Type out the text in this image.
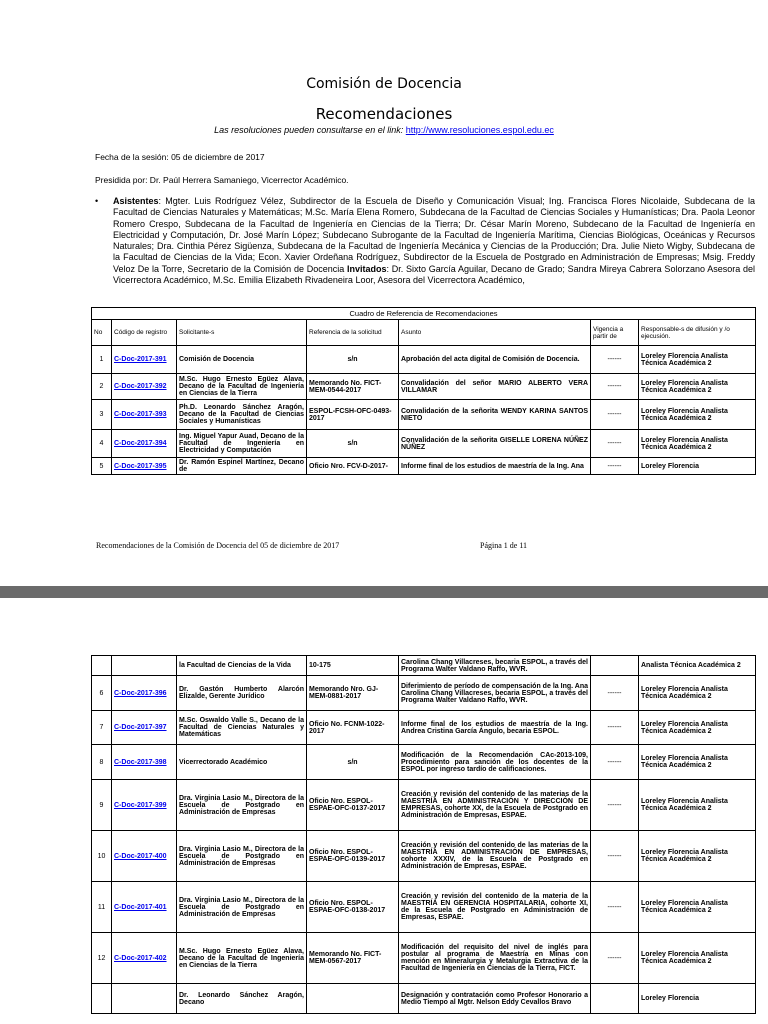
Comisión de Docencia
Recomendaciones
Las resoluciones pueden consultarse en el link: http://www.resoluciones.espol.edu.ec
Fecha de la sesión: 05 de diciembre de 2017
Presidida por: Dr. Paúl Herrera Samaniego, Vicerrector Académico.
• Asistentes: Mgter. Luis Rodríguez Vélez, Subdirector de la Escuela de Diseño y Comunicación Visual; Ing. Francisca Flores Nicolaide, Subdecana de la Facultad de Ciencias Naturales y Matemáticas; M.Sc. María Elena Romero, Subdecana de la Facultad de Ciencias Sociales y Humanísticas; Dra. Paola Leonor Romero Crespo, Subdecana de la Facultad de Ingeniería en Ciencias de la Tierra; Dr. César Marín Moreno, Subdecano de la Facultad de Ingeniería en Electricidad y Computación, Dr. José Marín López; Subdecano Subrogante de la Facultad de Ingeniería Marítima, Ciencias Biológicas, Oceánicas y Recursos Naturales; Dra. Cinthia Pérez Sigüenza, Subdecana de la Facultad de Ingeniería Mecánica y Ciencias de la Producción; Dra. Julie Nieto Wigby, Subdecana de la Facultad de Ciencias de la Vida; Econ. Xavier Ordeñana Rodríguez, Subdirector de la Escuela de Postgrado en Administración de Empresas; Msig. Freddy Veloz De la Torre, Secretario de la Comisión de Docencia Invitados: Dr. Sixto García Aguilar, Decano de Grado; Sandra Mireya Cabrera Solorzano Asesora del Vicerrectora Académico, M.Sc. Emilia Elizabeth Rivadeneira Loor, Asesora del Vicerrectora Académico,
Cuadro de Referencia de Recomendaciones						
No	Código de registro	Solicitante-s	Referencia de la solicitud	Asunto	Vigencia a partir de	Responsable-s de difusión y /o ejecusión.
1	C-Doc-2017-391	Comisión de Docencia	s/n	Aprobación del acta digital de Comisión de Docencia.	------	Loreley Florencia Analista Técnica Académica 2
2	C-Doc-2017-392	M.Sc. Hugo Ernesto Egüez Alava, Decano de la Facultad de Ingeniería en Ciencias de la Tierra	Memorando No. FICT-MEM-0544-2017	Convalidación del señor MARIO ALBERTO VERA VILLAMAR	------	Loreley Florencia Analista Técnica Académica 2
3	C-Doc-2017-393	Ph.D. Leonardo Sánchez Aragón, Decano de la Facultad de Ciencias Sociales y Humanísticas	ESPOL-FCSH-OFC-0493-2017	Convalidación de la señorita WENDY KARINA SANTOS NIETO	------	Loreley Florencia Analista Técnica Académica 2
4	C-Doc-2017-394	Ing. Miguel Yapur Auad, Decano de la Facultad de Ingeniería en Electricidad y Computación	s/n	Convalidación de la señorita GISELLE LORENA NÚÑEZ NÚÑEZ	------	Loreley Florencia Analista Técnica Académica 2
5	C-Doc-2017-395	Dr. Ramón Espinel Martínez, Decano de	Oficio Nro. FCV-D-2017-	Informe final de los estudios de maestría de la Ing. Ana	------	Loreley Florencia
Recomendaciones de la Comisión de Docencia del 05 de diciembre de 2017	Página 1 de 11
		la Facultad de Ciencias de la Vida	10-175	Carolina Chang Villacreses, becaria ESPOL, a través del Programa Walter Valdano Raffo, WVR.		Analista Técnica Académica 2
6	C-Doc-2017-396	Dr. Gastón Humberto Alarcón Elizalde, Gerente Jurídico	Memorando Nro. GJ-MEM-0881-2017	Diferimiento de período de compensación de la Ing. Ana Carolina Chang Villacreses, becaria ESPOL, a través del Programa Walter Valdano Raffo, WVR.	------	Loreley Florencia Analista Técnica Académica 2
7	C-Doc-2017-397	M.Sc. Oswaldo Valle S., Decano de la Facultad de Ciencias Naturales y Matemáticas	Oficio No. FCNM-1022-2017	Informe final de los estudios de maestría de la Ing. Andrea Cristina García Ángulo, becaria ESPOL.	------	Loreley Florencia Analista Técnica Académica 2
8	C-Doc-2017-398	Vicerrectorado Académico	s/n	Modificación de la Recomendación CAc-2013-109, Procedimiento para sanción de los docentes de la ESPOL por ingreso tardío de calificaciones.	------	Loreley Florencia Analista Técnica Académica 2
9	C-Doc-2017-399	Dra. Virginia Lasio M., Directora de la Escuela de Postgrado en Administración de Empresas	Oficio Nro. ESPOL-ESPAE-OFC-0137-2017	Creación y revisión del contenido de las materias de la MAESTRÍA EN ADMINISTRACIÓN Y DIRECCIÓN DE EMPRESAS, cohorte XX, de la Escuela de Postgrado en Administración de Empresas, ESPAE.	------	Loreley Florencia Analista Técnica Académica 2
10	C-Doc-2017-400	Dra. Virginia Lasio M., Directora de la Escuela de Postgrado en Administración de Empresas	Oficio Nro. ESPOL-ESPAE-OFC-0139-2017	Creación y revisión del contenido de las materias de la MAESTRÍA EN ADMINISTRACIÓN DE EMPRESAS, cohorte XXXIV, de la Escuela de Postgrado en Administración de Empresas, ESPAE.	------	Loreley Florencia Analista Técnica Académica 2
11	C-Doc-2017-401	Dra. Virginia Lasio M., Directora de la Escuela de Postgrado en Administración de Empresas	Oficio Nro. ESPOL-ESPAE-OFC-0138-2017	Creación y revisión del contenido de la materia de la MAESTRÍA EN GERENCIA HOSPITALARIA, cohorte XI, de la Escuela de Postgrado en Administración de Empresas, ESPAE.	------	Loreley Florencia Analista Técnica Académica 2
12	C-Doc-2017-402	M.Sc. Hugo Ernesto Egüez Alava, Decano de la Facultad de Ingeniería en Ciencias de la Tierra	Memorando No. FICT-MEM-0567-2017	Modificación del requisito del nivel de inglés para postular al programa de Maestría en Minas con mención en Mineralurgia y Metalurgia Extractiva de la Facultad de Ingeniería en Ciencias de la Tierra, FICT.	------	Loreley Florencia Analista Técnica Académica 2
		Dr. Leonardo Sánchez Aragón, Decano		Designación y contratación como Profesor Honorario a Medio Tiempo al Mgtr. Nelson Eddy Cevallos Bravo		Loreley Florencia
